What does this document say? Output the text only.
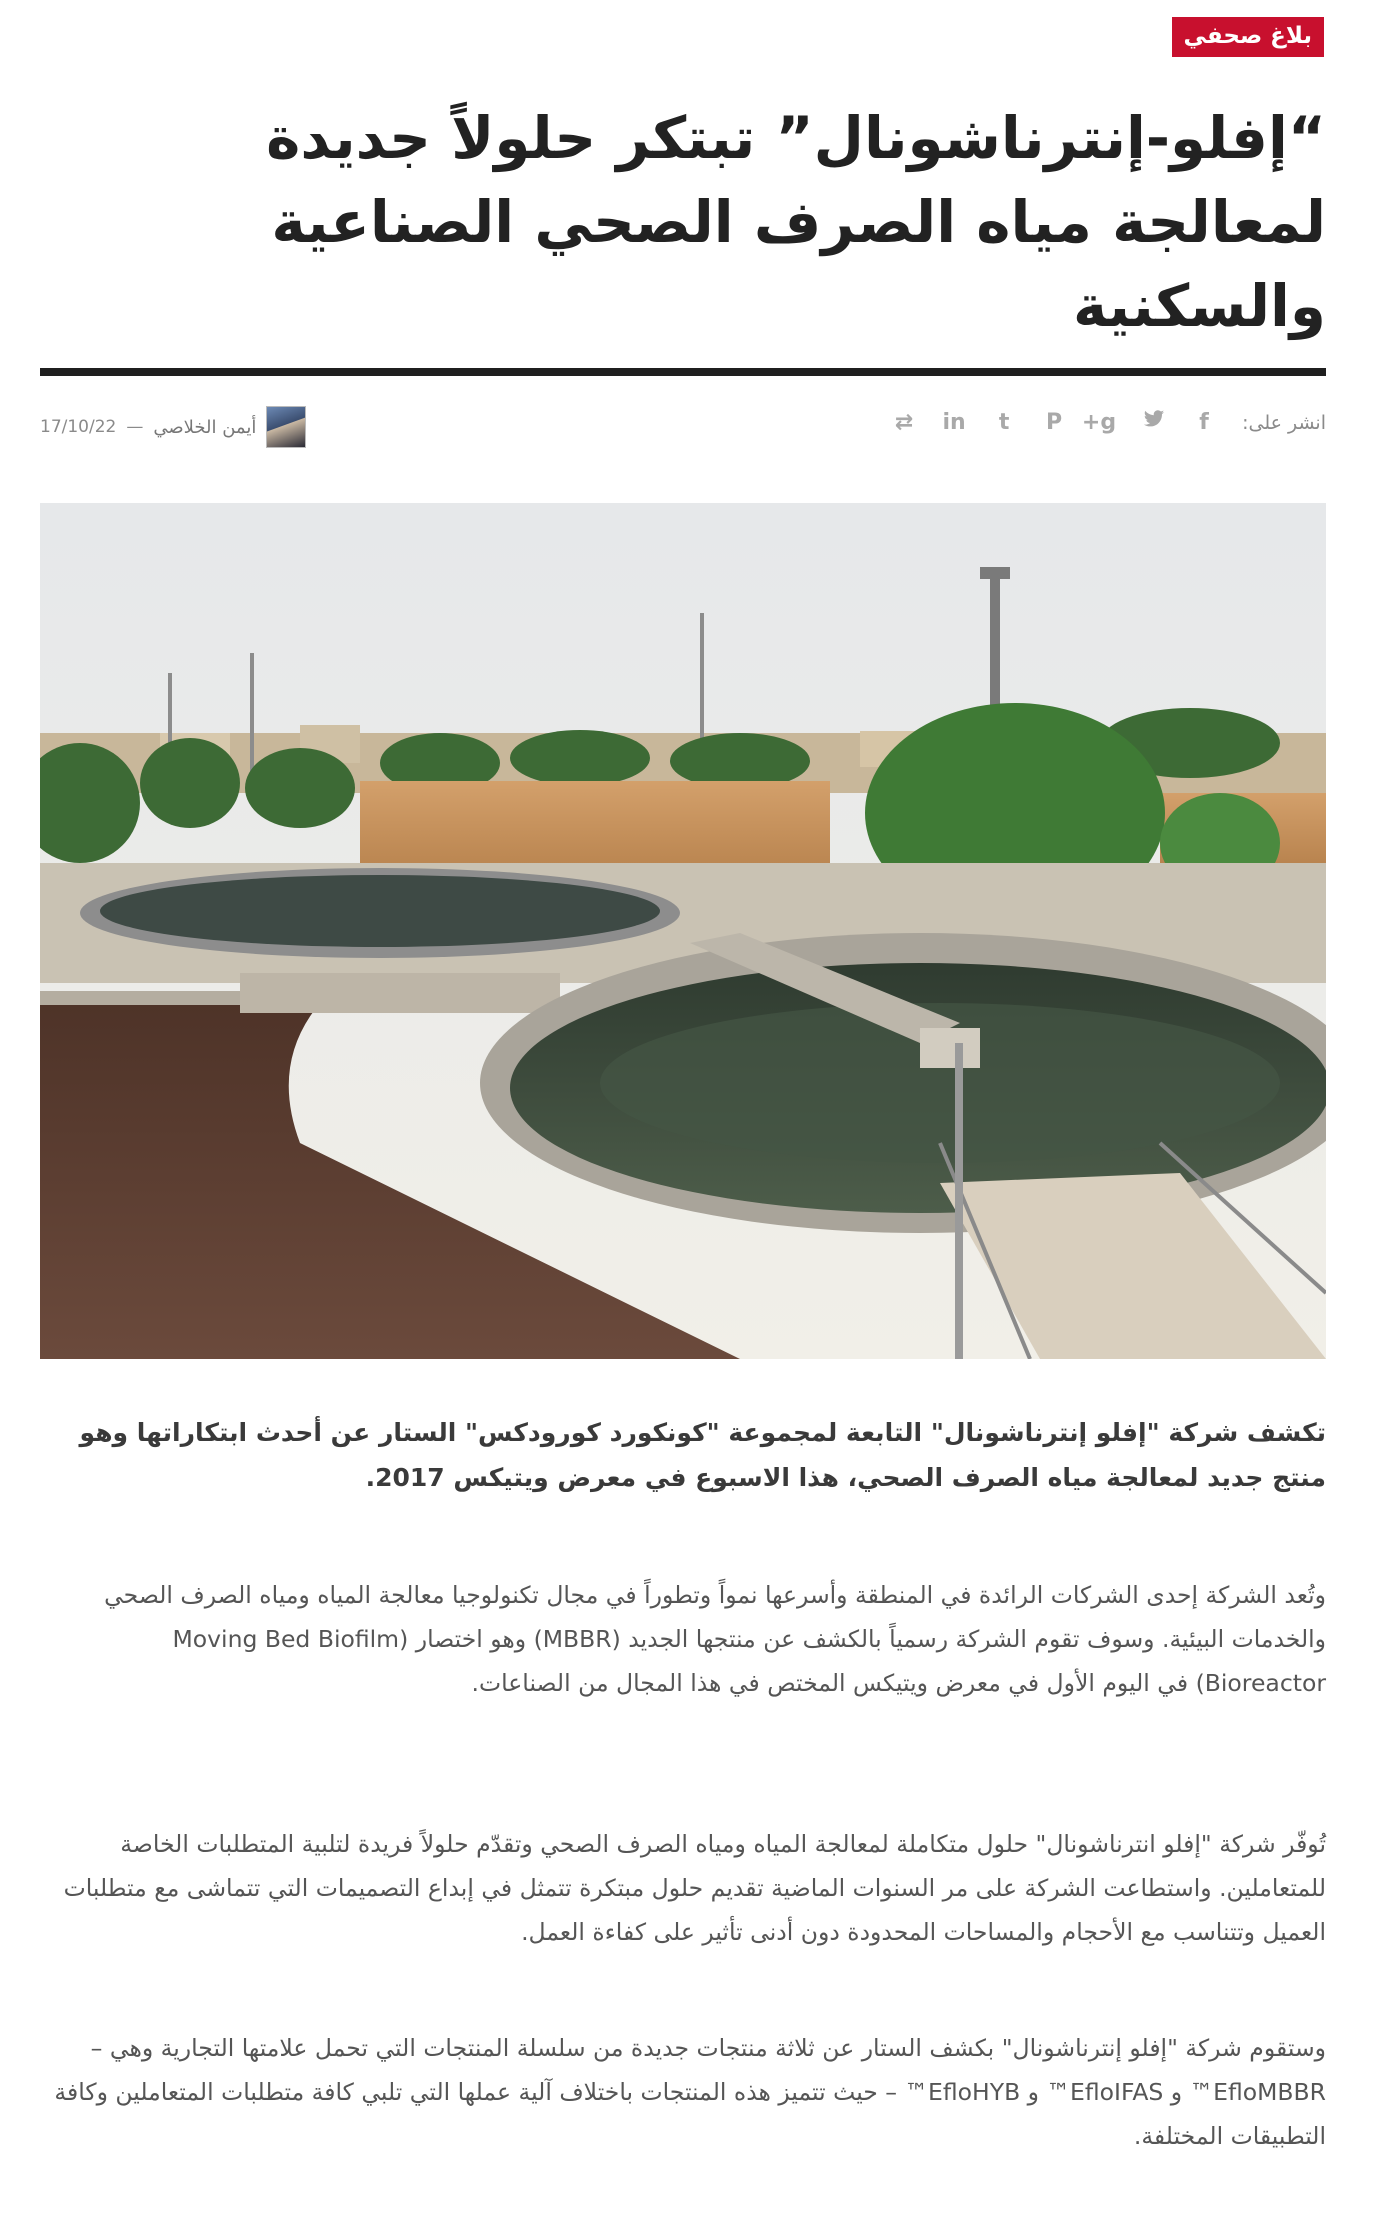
بلاغ صحفي
“إفلو-إنترناشونال” تبتكر حلولاً جديدة لمعالجة مياه الصرف الصحي الصناعية والسكنية
انشر على:
f
g+
P
t
in
⇄
أيمن الخلاصي
—
17/10/22

تكشف شركة "إفلو إنترناشونال" التابعة لمجموعة "كونكورد كورودكس" الستار عن أحدث ابتكاراتها وهو منتج جديد لمعالجة مياه الصرف الصحي، هذا الاسبوع في معرض ويتيكس 2017.

وتُعد الشركة إحدى الشركات الرائدة في المنطقة وأسرعها نمواً وتطوراً في مجال تكنولوجيا معالجة المياه ومياه الصرف الصحي والخدمات البيئية. وسوف تقوم الشركة رسمياً بالكشف عن منتجها الجديد (MBBR) وهو اختصار (Moving Bed Biofilm Bioreactor) في اليوم الأول في معرض ويتيكس المختص في هذا المجال من الصناعات.

تُوفّر شركة "إفلو انترناشونال" حلول متكاملة لمعالجة المياه ومياه الصرف الصحي وتقدّم حلولاً فريدة لتلبية المتطلبات الخاصة للمتعاملين. واستطاعت الشركة على مر السنوات الماضية تقديم حلول مبتكرة تتمثل في إبداع التصميمات التي تتماشى مع متطلبات العميل وتتناسب مع الأحجام والمساحات المحدودة دون أدنى تأثير على كفاءة العمل.

وستقوم شركة "إفلو إنترناشونال" بكشف الستار عن ثلاثة منتجات جديدة من سلسلة المنتجات التي تحمل علامتها التجارية وهي – EfloMBBR™ و EfloIFAS™ و EfloHYB™ – حيث تتميز هذه المنتجات باختلاف آلية عملها التي تلبي كافة متطلبات المتعاملين وكافة التطبيقات المختلفة.
